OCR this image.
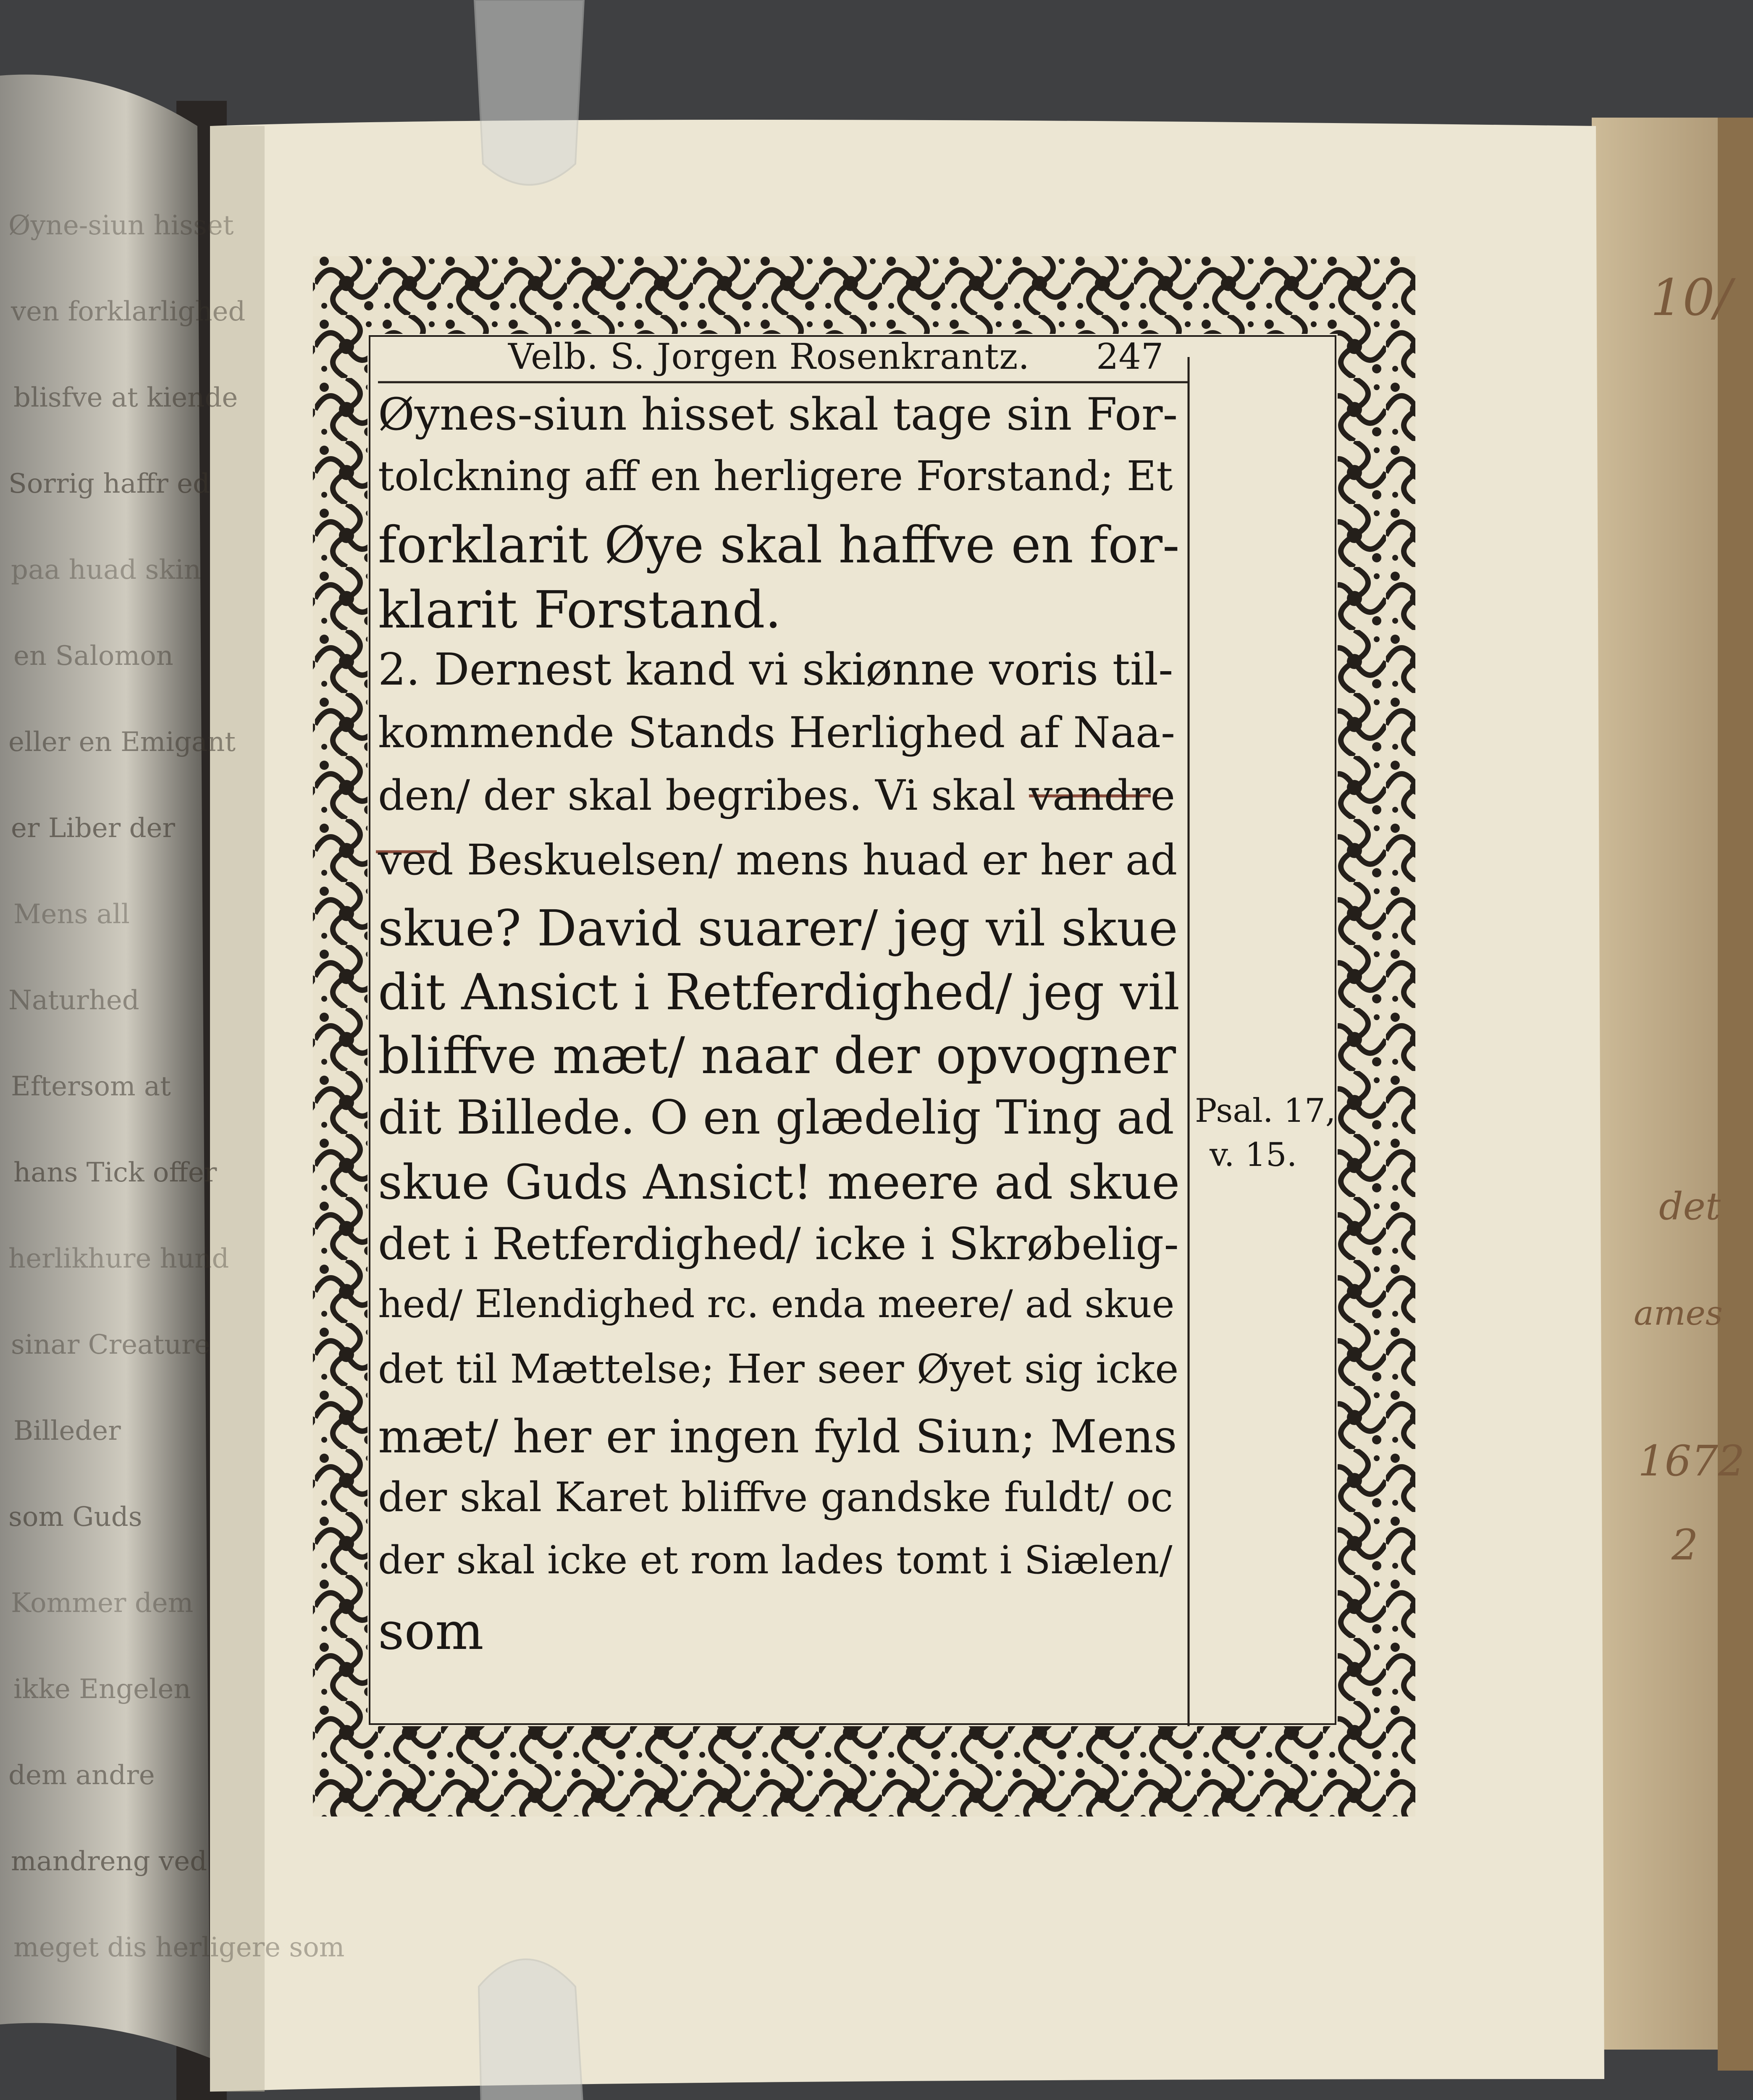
Øyne-siun hisset

ven forklarlighed

blisfve at kiende

Sorrig haffr ed

paa huad skin

en Salomon

eller en Emigant

er Liber der

Mens all

Naturhed

Eftersom at

hans Tick offer

herlikhure hund

sinar Creature

Billeder

som Guds

Kommer dem

ikke Engelen

dem andre

mandreng ved

meget dis herligere som

Velb. S. Jorgen Rosenkrantz. 247

Øynes-siun hisset skal tage sin For-

tolckning aff en herligere Forstand; Et

forklarit Øye skal haffve en for-

klarit Forstand.

2. Dernest kand vi skiønne voris til-

kommende Stands Herlighed af Naa-

den/ der skal begribes. Vi skal vandre

ved Beskuelsen/ mens huad er her ad

skue? David suarer/ jeg vil skue

dit Ansict i Retferdighed/ jeg vil

bliffve mæt/ naar der opvogner

dit Billede. O en glædelig Ting ad

skue Guds Ansict! meere ad skue

det i Retferdighed/ icke i Skrøbelig-

hed/ Elendighed rc. enda meere/ ad skue

det til Mættelse; Her seer Øyet sig icke

mæt/ her er ingen fyld Siun; Mens

der skal Karet bliffve gandske fuldt/ oc

der skal icke et rom lades tomt i Siælen/

som

Psal. 17,

v. 15.

10/

det

ames

1672

2
